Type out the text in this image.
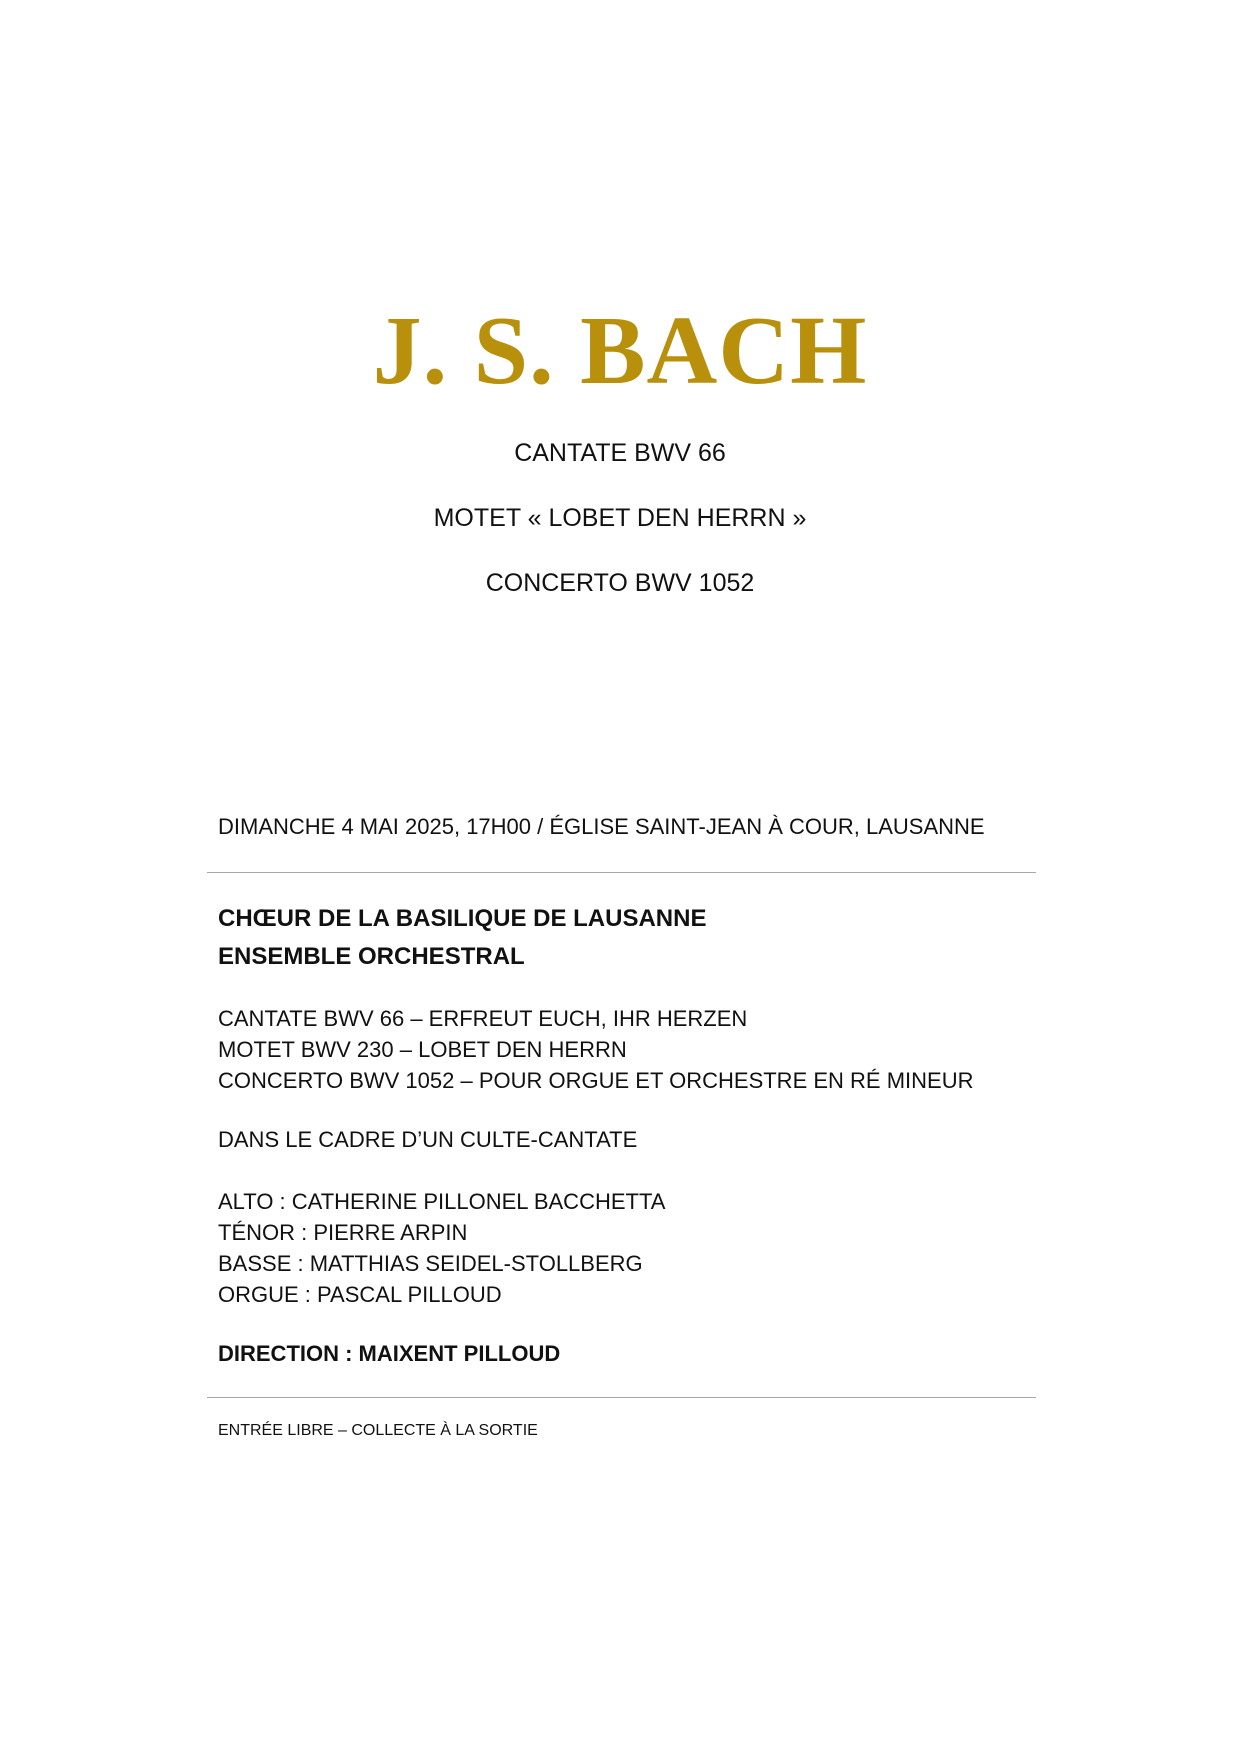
J. S. BACH
CANTATE BWV 66
MOTET « LOBET DEN HERRN »
CONCERTO BWV 1052
DIMANCHE 4 MAI 2025, 17H00 / ÉGLISE SAINT-JEAN À COUR, LAUSANNE
CHŒUR DE LA BASILIQUE DE LAUSANNE
ENSEMBLE ORCHESTRAL
CANTATE BWV 66 – ERFREUT EUCH, IHR HERZEN
MOTET BWV 230 – LOBET DEN HERRN
CONCERTO BWV 1052 – POUR ORGUE ET ORCHESTRE EN RÉ MINEUR
DANS LE CADRE D’UN CULTE-CANTATE
ALTO : CATHERINE PILLONEL BACCHETTA
TÉNOR : PIERRE ARPIN
BASSE : MATTHIAS SEIDEL-STOLLBERG
ORGUE : PASCAL PILLOUD
DIRECTION : MAIXENT PILLOUD
ENTRÉE LIBRE – COLLECTE À LA SORTIE
